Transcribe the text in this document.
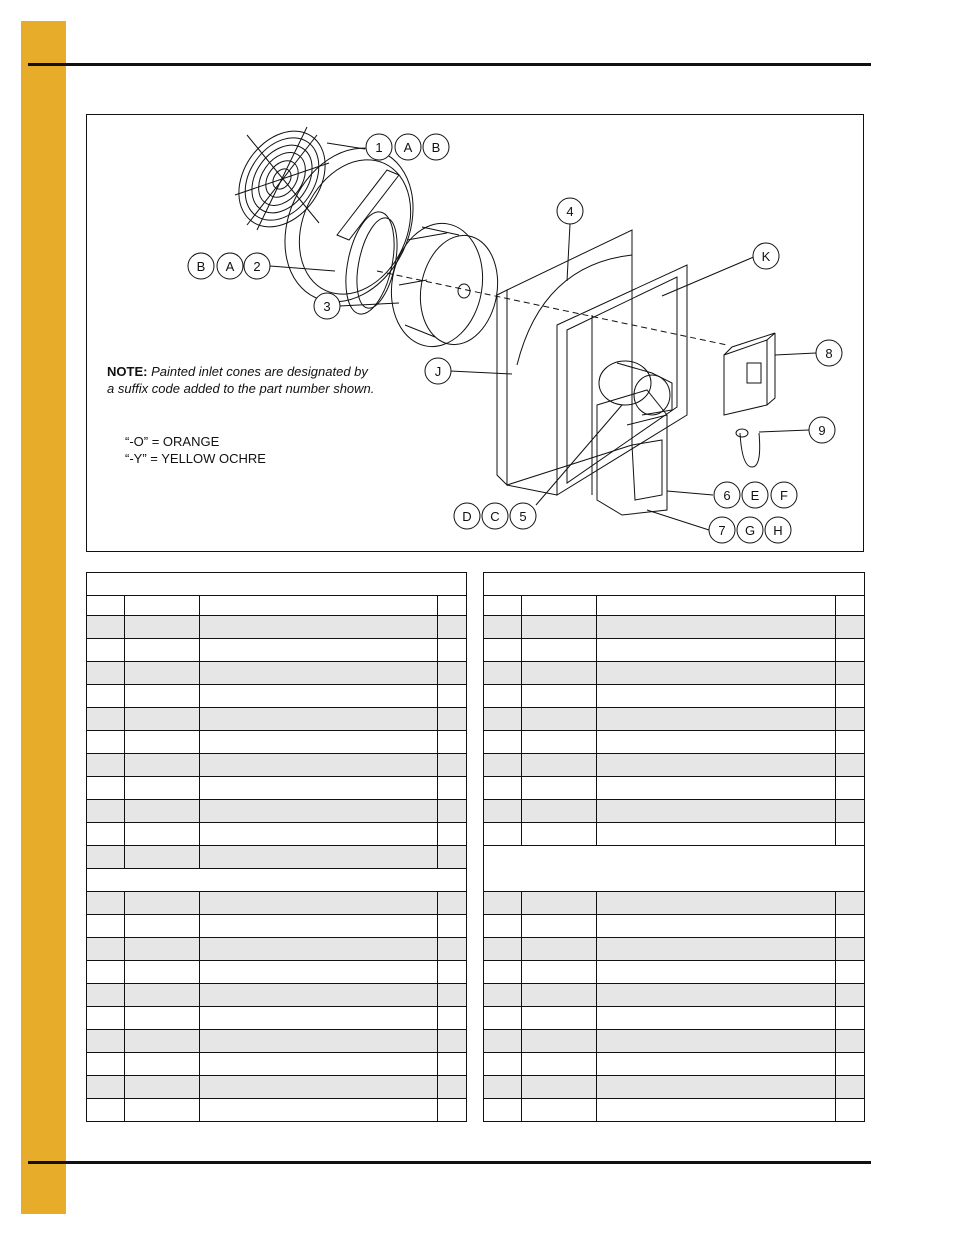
1 A B
B A 2
3
4
K
8
J
9
6 E F
7 G H
D C 5
NOTE: Painted inlet cones are designated by
a suffix code added to the part number shown.
“-O” = ORANGE
“-Y” = YELLOW OCHRE
